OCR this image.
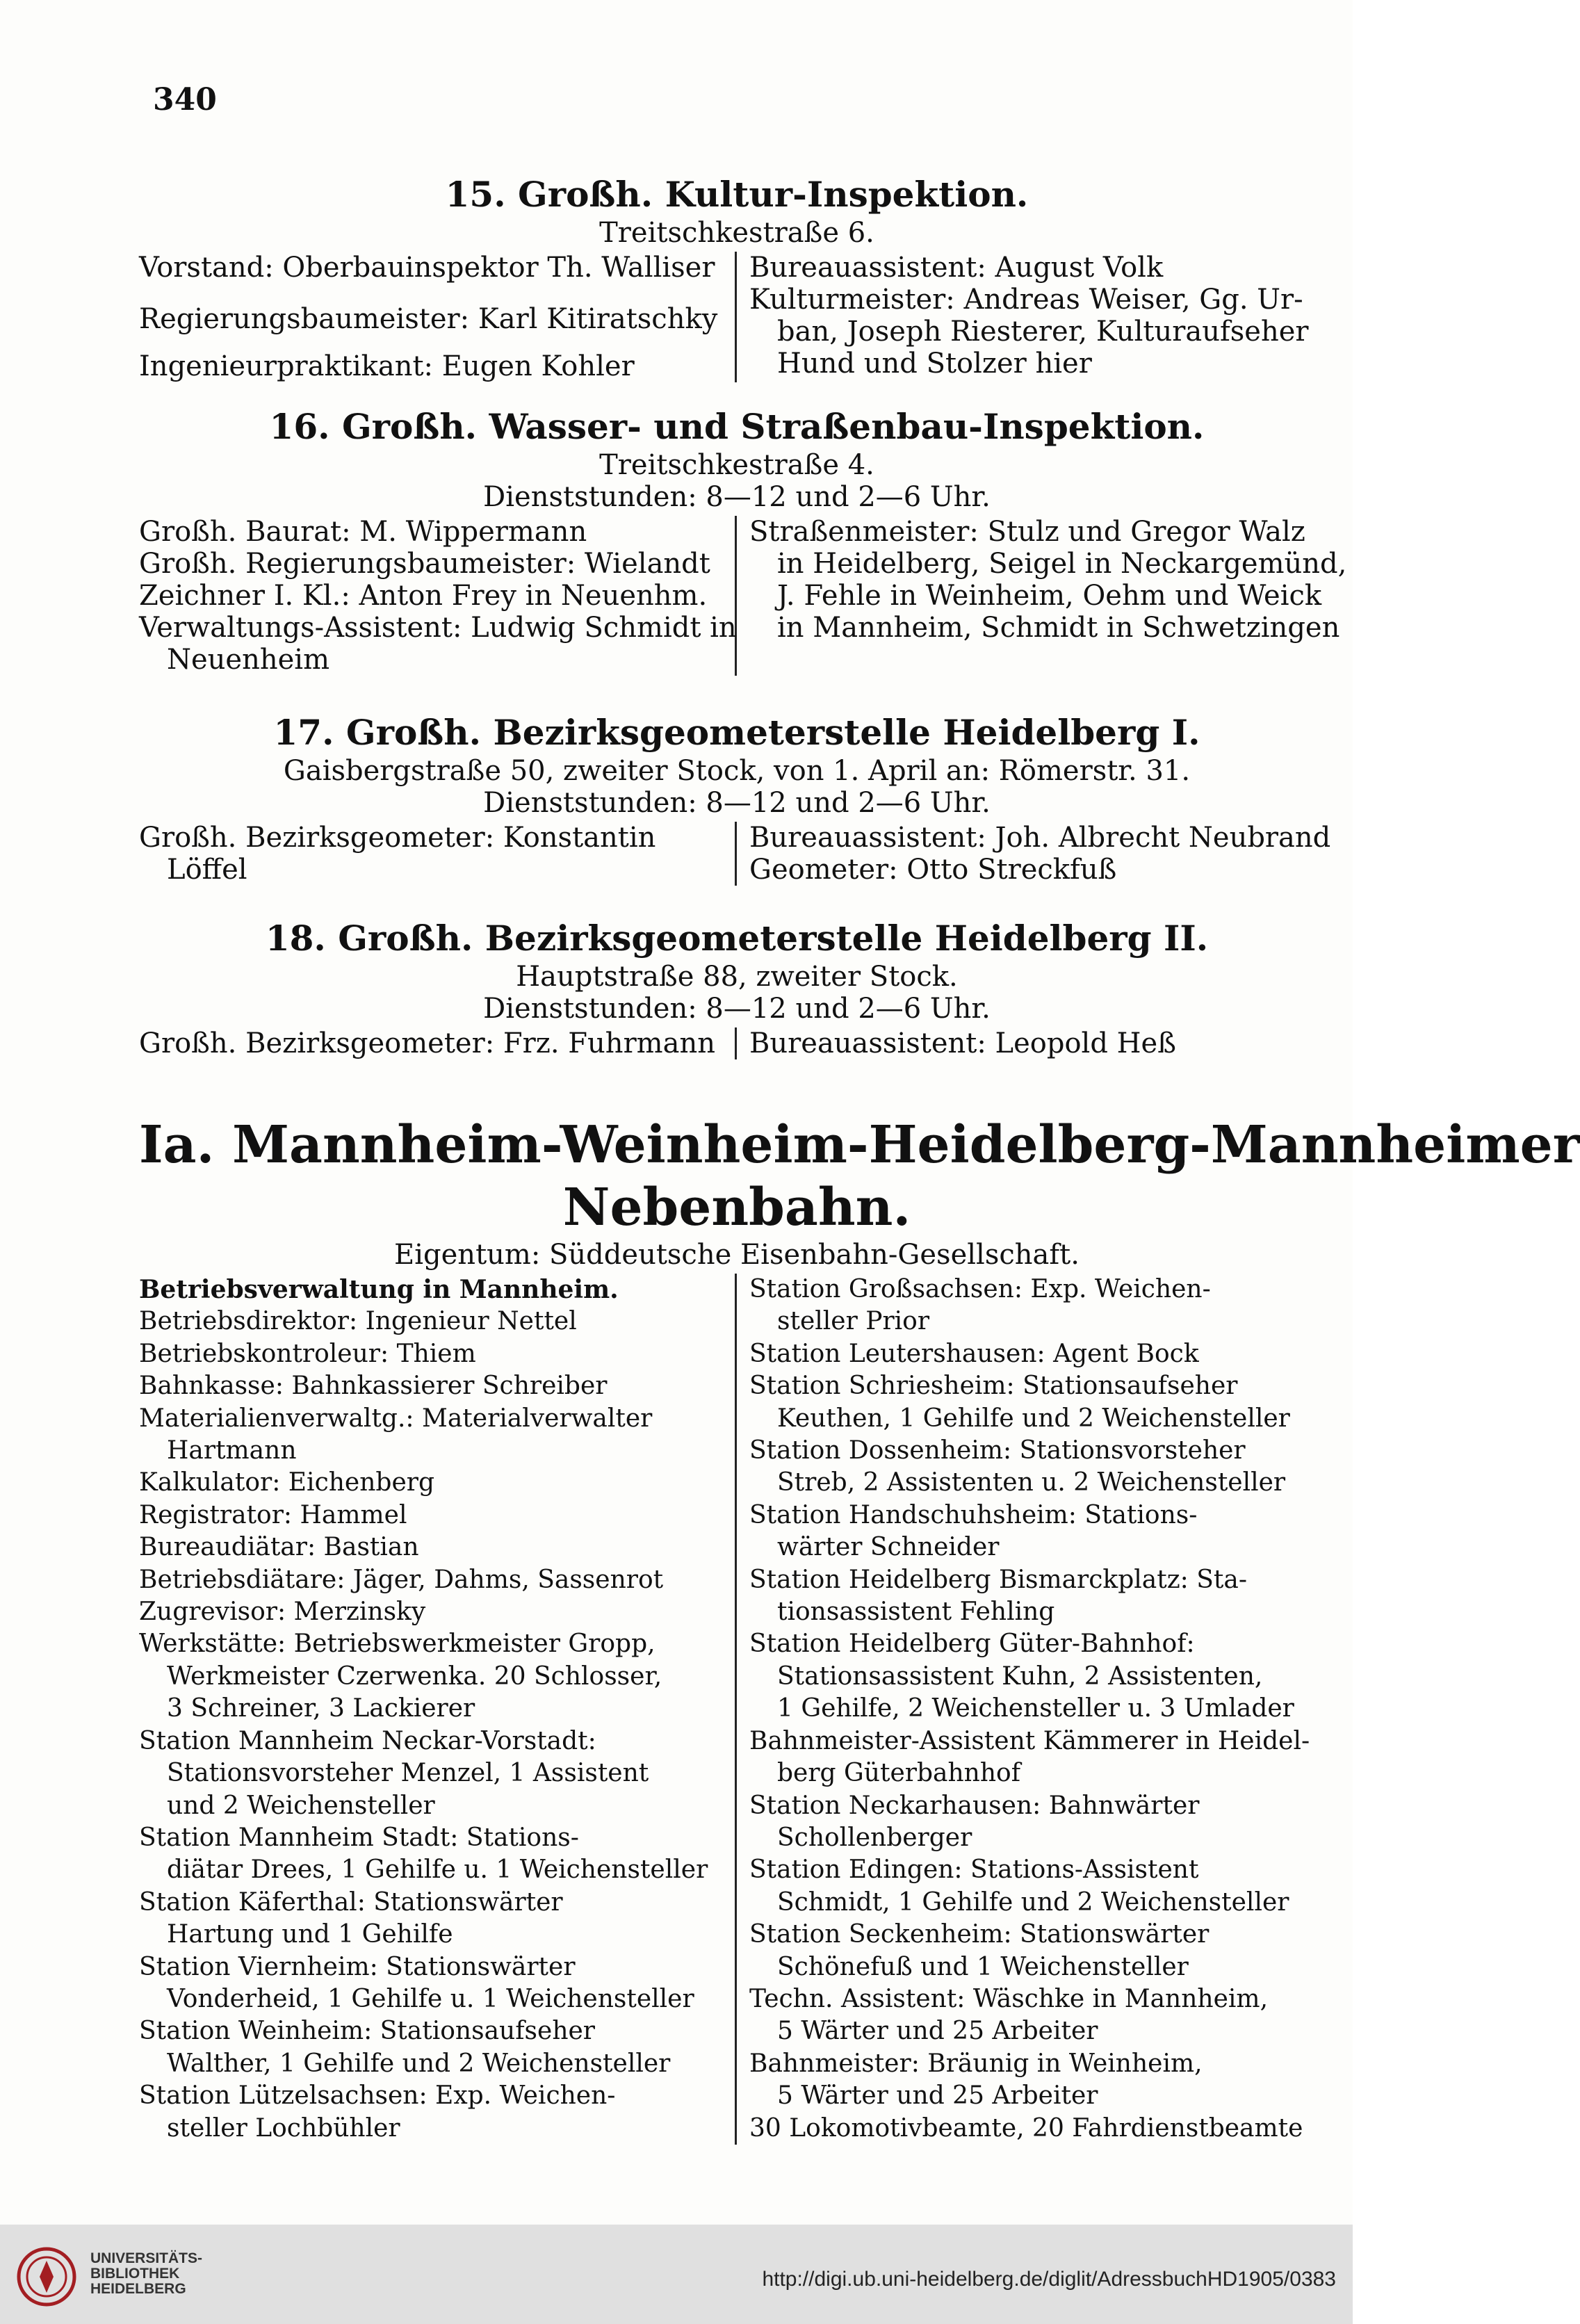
340
15. Großh. Kultur-Inspektion.
Treitschkestraße 6.
Vorstand: Oberbauinspektor Th. Walliser
Regierungsbaumeister: Karl Kitiratschky
Ingenieurpraktikant: Eugen Kohler
Bureauassistent: August Volk
Kulturmeister: Andreas Weiser, Gg. Ur-
ban, Joseph Riesterer, Kulturaufseher
Hund und Stolzer hier
16. Großh. Wasser- und Straßenbau-Inspektion.
Treitschkestraße 4.
Dienststunden: 8—12 und 2—6 Uhr.
Großh. Baurat: M. Wippermann
Großh. Regierungsbaumeister: Wielandt
Zeichner I. Kl.: Anton Frey in Neuenhm.
Verwaltungs-Assistent: Ludwig Schmidt in
Neuenheim
Straßenmeister: Stulz und Gregor Walz
in Heidelberg, Seigel in Neckargemünd,
J. Fehle in Weinheim, Oehm und Weick
in Mannheim, Schmidt in Schwetzingen
17. Großh. Bezirksgeometerstelle Heidelberg I.
Gaisbergstraße 50, zweiter Stock, von 1. April an: Römerstr. 31.
Dienststunden: 8—12 und 2—6 Uhr.
Großh. Bezirksgeometer: Konstantin
Löffel
Bureauassistent: Joh. Albrecht Neubrand
Geometer: Otto Streckfuß
18. Großh. Bezirksgeometerstelle Heidelberg II.
Hauptstraße 88, zweiter Stock.
Dienststunden: 8—12 und 2—6 Uhr.
Großh. Bezirksgeometer: Frz. Fuhrmann Bureauassistent: Leopold Heß
Ia. Mannheim-Weinheim-Heidelberg-Mannheimer
Nebenbahn.
Eigentum: Süddeutsche Eisenbahn-Gesellschaft.
Betriebsverwaltung in Mannheim.
Betriebsdirektor: Ingenieur Nettel
Betriebskontroleur: Thiem
Bahnkasse: Bahnkassierer Schreiber
Materialienverwaltg.: Materialverwalter
Hartmann
Kalkulator: Eichenberg
Registrator: Hammel
Bureaudiätar: Bastian
Betriebsdiätare: Jäger, Dahms, Sassenrot
Zugrevisor: Merzinsky
Werkstätte: Betriebswerkmeister Gropp,
Werkmeister Czerwenka. 20 Schlosser,
3 Schreiner, 3 Lackierer
Station Mannheim Neckar-Vorstadt:
Stationsvorsteher Menzel, 1 Assistent
und 2 Weichensteller
Station Mannheim Stadt: Stations-
diätar Drees, 1 Gehilfe u. 1 Weichensteller
Station Käferthal: Stationswärter
Hartung und 1 Gehilfe
Station Viernheim: Stationswärter
Vonderheid, 1 Gehilfe u. 1 Weichensteller
Station Weinheim: Stationsaufseher
Walther, 1 Gehilfe und 2 Weichensteller
Station Lützelsachsen: Exp. Weichen-
steller Lochbühler
Station Großsachsen: Exp. Weichen-
steller Prior
Station Leutershausen: Agent Bock
Station Schriesheim: Stationsaufseher
Keuthen, 1 Gehilfe und 2 Weichensteller
Station Dossenheim: Stationsvorsteher
Streb, 2 Assistenten u. 2 Weichensteller
Station Handschuhsheim: Stations-
wärter Schneider
Station Heidelberg Bismarckplatz: Sta-
tionsassistent Fehling
Station Heidelberg Güter-Bahnhof:
Stationsassistent Kuhn, 2 Assistenten,
1 Gehilfe, 2 Weichensteller u. 3 Umlader
Bahnmeister-Assistent Kämmerer in Heidel-
berg Güterbahnhof
Station Neckarhausen: Bahnwärter
Schollenberger
Station Edingen: Stations-Assistent
Schmidt, 1 Gehilfe und 2 Weichensteller
Station Seckenheim: Stationswärter
Schönefuß und 1 Weichensteller
Techn. Assistent: Wäschke in Mannheim,
5 Wärter und 25 Arbeiter
Bahnmeister: Bräunig in Weinheim,
5 Wärter und 25 Arbeiter
30 Lokomotivbeamte, 20 Fahrdienstbeamte
UNIVERSITÄTS-
BIBLIOTHEK
HEIDELBERG	http://digi.ub.uni-heidelberg.de/diglit/AdressbuchHD1905/0383
